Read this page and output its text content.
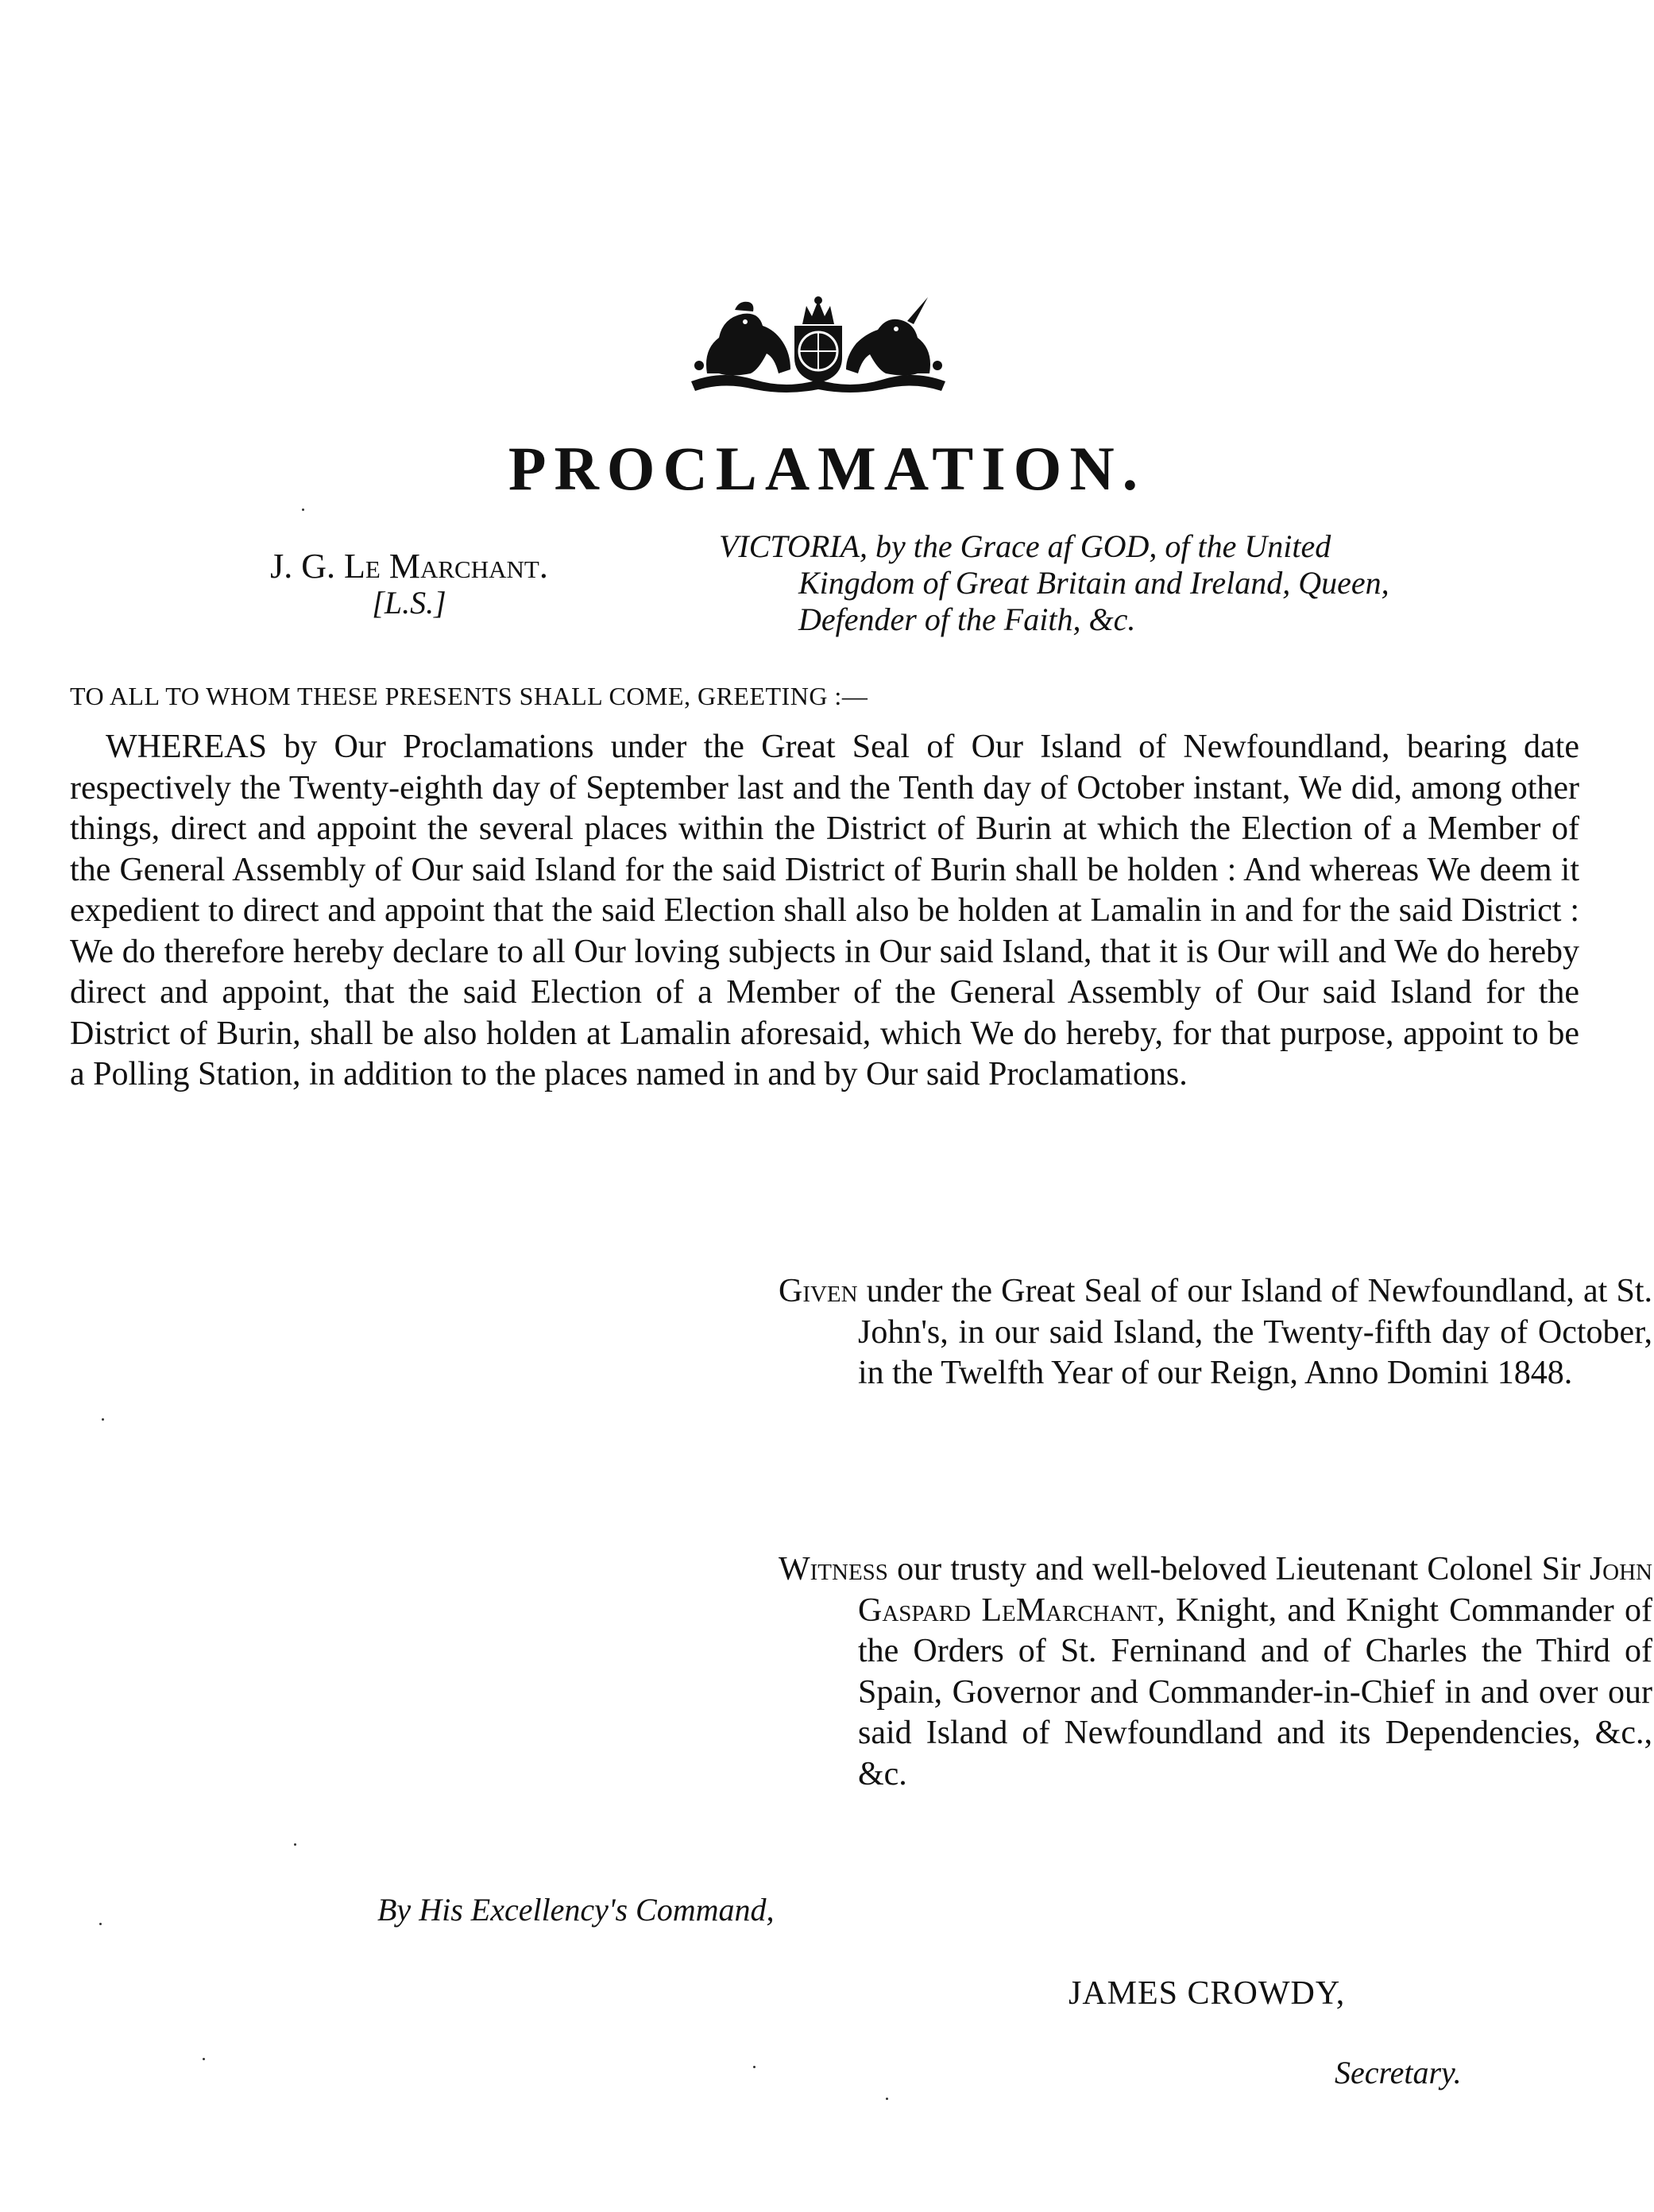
PROCLAMATION.
J. G. Le Marchant.
[L.S.]
VICTORIA, by the Grace af GOD, of the United
Kingdom of Great Britain and Ireland, Queen,
Defender of the Faith, &c.
TO ALL TO WHOM THESE PRESENTS SHALL COME, GREETING :—
WHEREAS by Our Proclamations under the Great Seal of Our Island of Newfoundland, bearing date respectively the Twenty-eighth day of September last and the Tenth day of October instant, We did, among other things, direct and appoint the several places within the District of Burin at which the Election of a Member of the General Assembly of Our said Island for the said District of Burin shall be holden : And whereas We deem it expedient to direct and appoint that the said Election shall also be holden at Lamalin in and for the said District : We do therefore hereby declare to all Our loving subjects in Our said Island, that it is Our will and We do hereby direct and appoint, that the said Election of a Member of the General Assembly of Our said Island for the District of Burin, shall be also holden at Lamalin aforesaid, which We do hereby, for that purpose, appoint to be a Polling Station, in addition to the places named in and by Our said Proclamations.
Given under the Great Seal of our Island of Newfoundland, at St. John's, in our said Island, the Twenty-fifth day of October, in the Twelfth Year of our Reign, Anno Domini 1848.
Witness our trusty and well-beloved Lieutenant Colonel Sir John Gaspard LeMarchant, Knight, and Knight Commander of the Orders of St. Ferninand and of Charles the Third of Spain, Governor and Commander-in-Chief in and over our said Island of Newfoundland and its Dependencies, &c., &c.
By His Excellency's Command,
JAMES CROWDY,
Secretary.
